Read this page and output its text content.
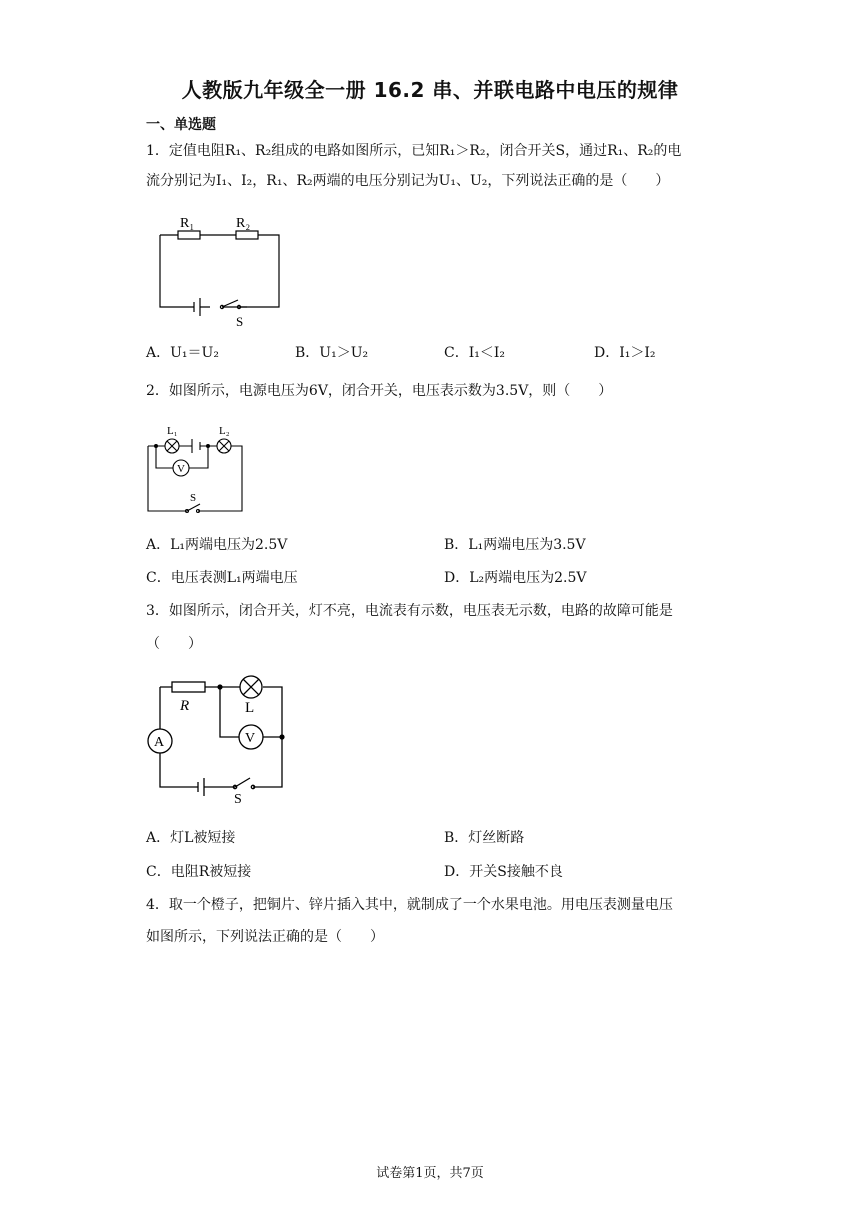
人教版九年级全一册 16.2 串、并联电路中电压的规律
一、单选题
1．定值电阻R₁、R₂组成的电路如图所示，已知R₁＞R₂，闭合开关S，通过R₁、R₂的电
流分别记为I₁、I₂，R₁、R₂两端的电压分别记为U₁、U₂，下列说法正确的是（　　）
R₁	R₂
S
A．U₁＝U₂	B．U₁＞U₂	C．I₁＜I₂	D．I₁＞I₂
2．如图所示，电源电压为6V，闭合开关，电压表示数为3.5V，则（　　）
L₁	L₂
V
S
A．L₁两端电压为2.5V	B．L₁两端电压为3.5V
C．电压表测L₁两端电压	D．L₂两端电压为2.5V
3．如图所示，闭合开关，灯不亮，电流表有示数，电压表无示数，电路的故障可能是
（　　）
R	L
V
A
S
A．灯L被短接	B．灯丝断路
C．电阻R被短接	D．开关S接触不良
4．取一个橙子，把铜片、锌片插入其中，就制成了一个水果电池。用电压表测量电压
如图所示，下列说法正确的是（　　）
试卷第1页，共7页
